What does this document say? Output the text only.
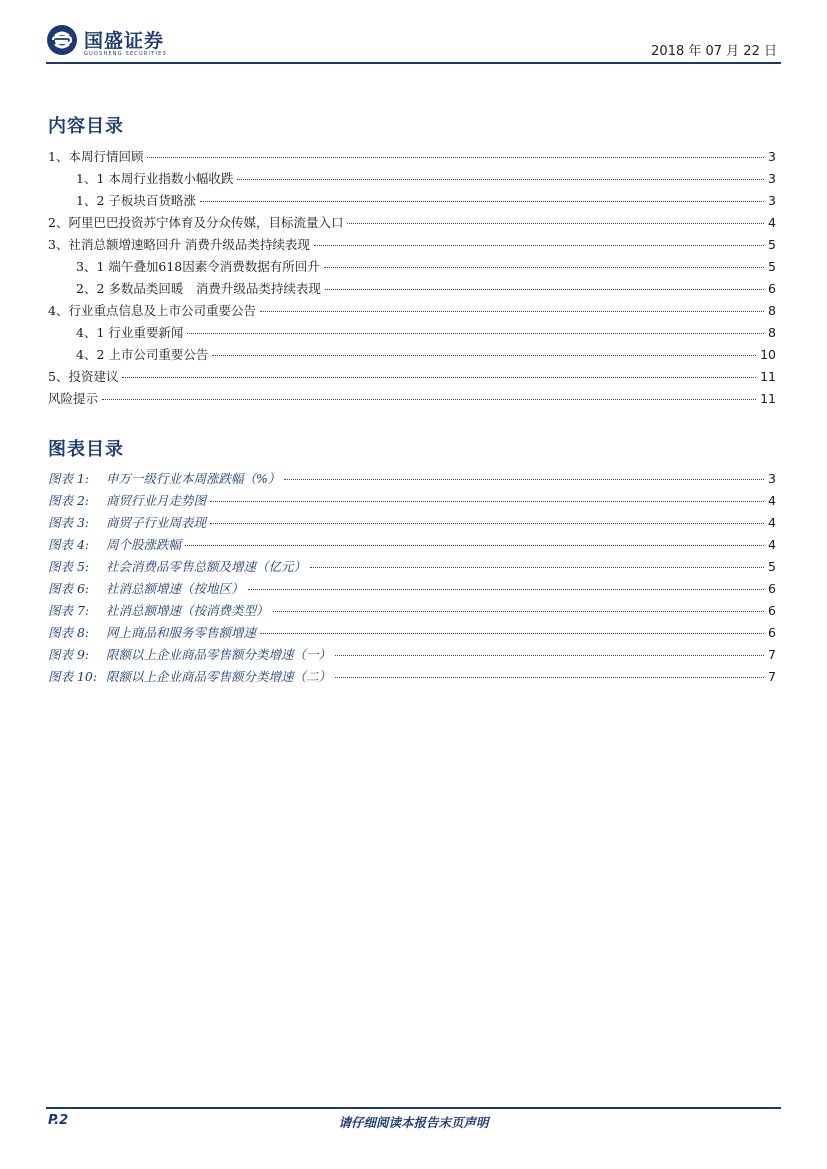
国盛证券
GUOSHENG SECURITIES	2018 年 07 月 22 日
内容目录
1、本周行情回顾	3
1、1 本周行业指数小幅收跌	3
1、2 子板块百货略涨	3
2、阿里巴巴投资苏宁体育及分众传媒，目标流量入口	4
3、社消总额增速略回升 消费升级品类持续表现	5
3、1 端午叠加618因素令消费数据有所回升	5
2、2 多数品类回暖　消费升级品类持续表现	6
4、行业重点信息及上市公司重要公告	8
4、1 行业重要新闻	8
4、2 上市公司重要公告	10
5、投资建议	11
风险提示	11
图表目录
图表 1: 申万一级行业本周涨跌幅（%）	3
图表 2: 商贸行业月走势图	4
图表 3: 商贸子行业周表现	4
图表 4: 周个股涨跌幅	4
图表 5: 社会消费品零售总额及增速（亿元）	5
图表 6: 社消总额增速（按地区）	6
图表 7: 社消总额增速（按消费类型）	6
图表 8: 网上商品和服务零售额增速	6
图表 9: 限额以上企业商品零售额分类增速（一）	7
图表 10: 限额以上企业商品零售额分类增速（二）	7
P.2	请仔细阅读本报告末页声明
